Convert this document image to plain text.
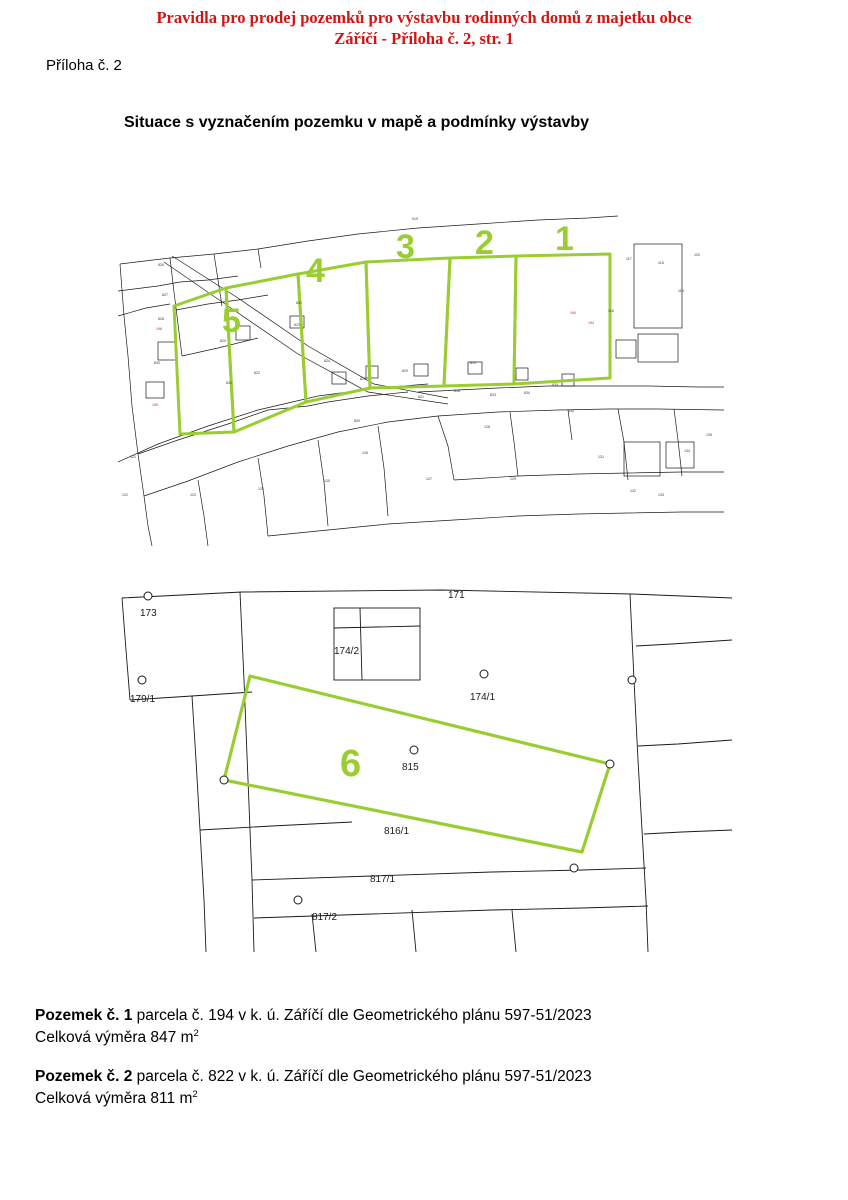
Pravidla pro prodej pozemků pro výstavbu rodinných domů z majetku obce
Záříčí - Příloha č. 2, str. 1
Příloha č. 2
Situace s vyznačením pozemku v mapě a podmínky výstavby
1
2
3
4
5
919
826
827
828
196
830
195
829
822
823
824
825
820
821
818
819
833	834
835
194
194
116
117
118
119
120
121
122	123
124
125
126
127
128
129
130
131
132
133
134
135
830
831
832
6
173
171
174/2
179/1	174/1
815
816/1
817/1
817/2
Pozemek č. 1 parcela č. 194 v k. ú. Záříčí dle Geometrického plánu 597-51/2023
Celková výměra 847 $m^2$
Pozemek č. 2 parcela č. 822 v k. ú. Záříčí dle Geometrického plánu 597-51/2023
Celková výměra 811 $m^2$
